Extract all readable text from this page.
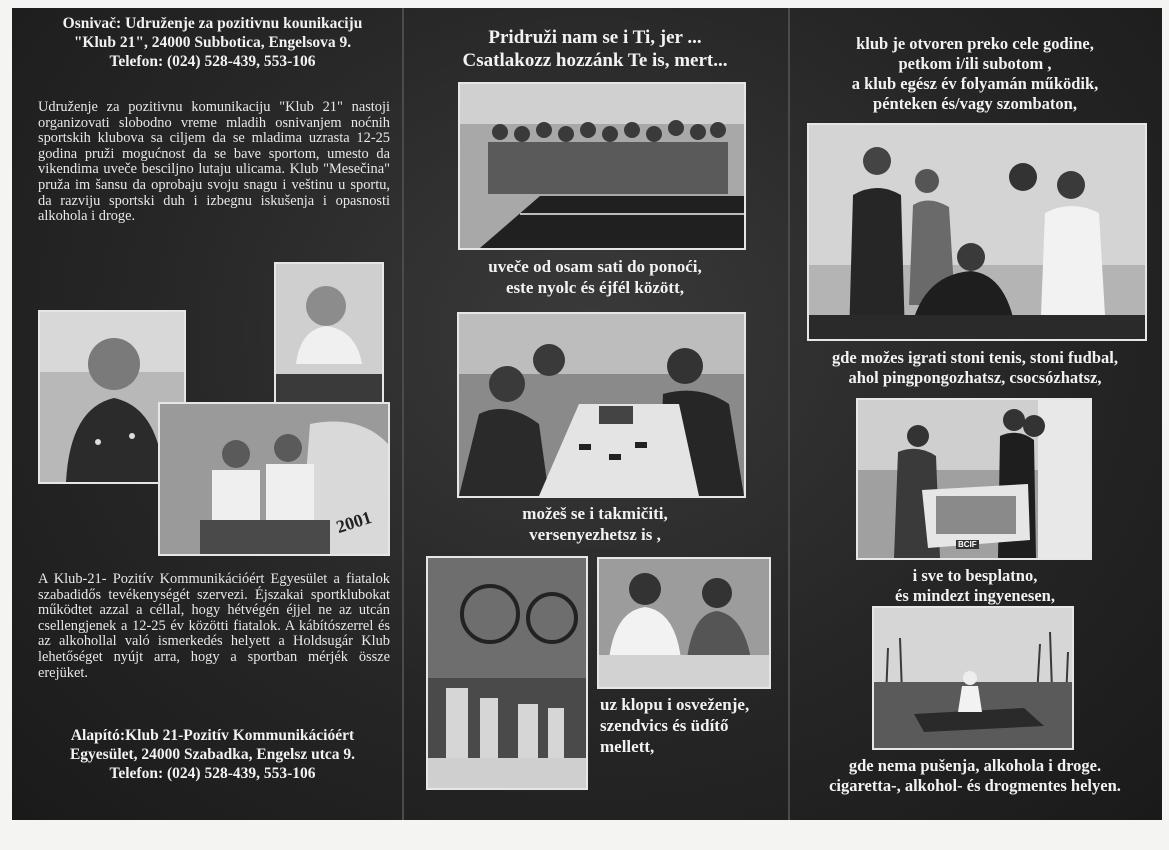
Osnivač: Udruženje za pozitivnu kounikaciju
"Klub 21", 24000 Subbotica, Engelsova 9.
Telefon: (024) 528-439, 553-106
Udruženje za pozitivnu komunikaciju "Klub 21" nastoji organizovati slobodno vreme mladih osnivanjem noćnih sportskih klubova sa ciljem da se mladima uzrasta 12-25 godina pruži mogućnost da se bave sportom, umesto da vikendima uveče besciljno lutaju ulicama. Klub "Mesečina" pruža im šansu da oprobaju svoju snagu i veštinu u sportu, da razviju sportski duh i izbegnu iskušenja i opasnosti alkohola i droge.
2001
A Klub-21- Pozitív Kommunikációért Egyesület a fiatalok szabadidős tevékenységét szervezi. Éjszakai sportklubokat működtet azzal a céllal, hogy hétvégén éjjel ne az utcán csellengjenek a 12-25 év közötti fiatalok. A kábítószerrel és az alkohollal való ismerkedés helyett a Holdsugár Klub lehetőséget nyújt arra, hogy a sportban mérjék össze erejüket.
Alapító:Klub 21-Pozitív Kommunikációért
Egyesület, 24000 Szabadka, Engelsz utca 9.
Telefon: (024) 528-439, 553-106
Pridruži nam se i Ti, jer ...
Csatlakozz hozzánk Te is, mert...
uveče od osam sati do ponoći,
este nyolc és éjfél között,
možeš se i takmičiti,
versenyezhetsz is ,
uz klopu i osveženje,
szendvics és üdítő
mellett,
klub je otvoren preko cele godine,
petkom i/ili subotom ,
a klub egész év folyamán működik,
pénteken és/vagy szombaton,
gde možes igrati stoni tenis, stoni fudbal,
ahol pingpongozhatsz, csocsózhatsz,
BCIF
i sve to besplatno,
és mindezt ingyenesen,
gde nema pušenja, alkohola i droge.
cigaretta-, alkohol- és drogmentes helyen.
